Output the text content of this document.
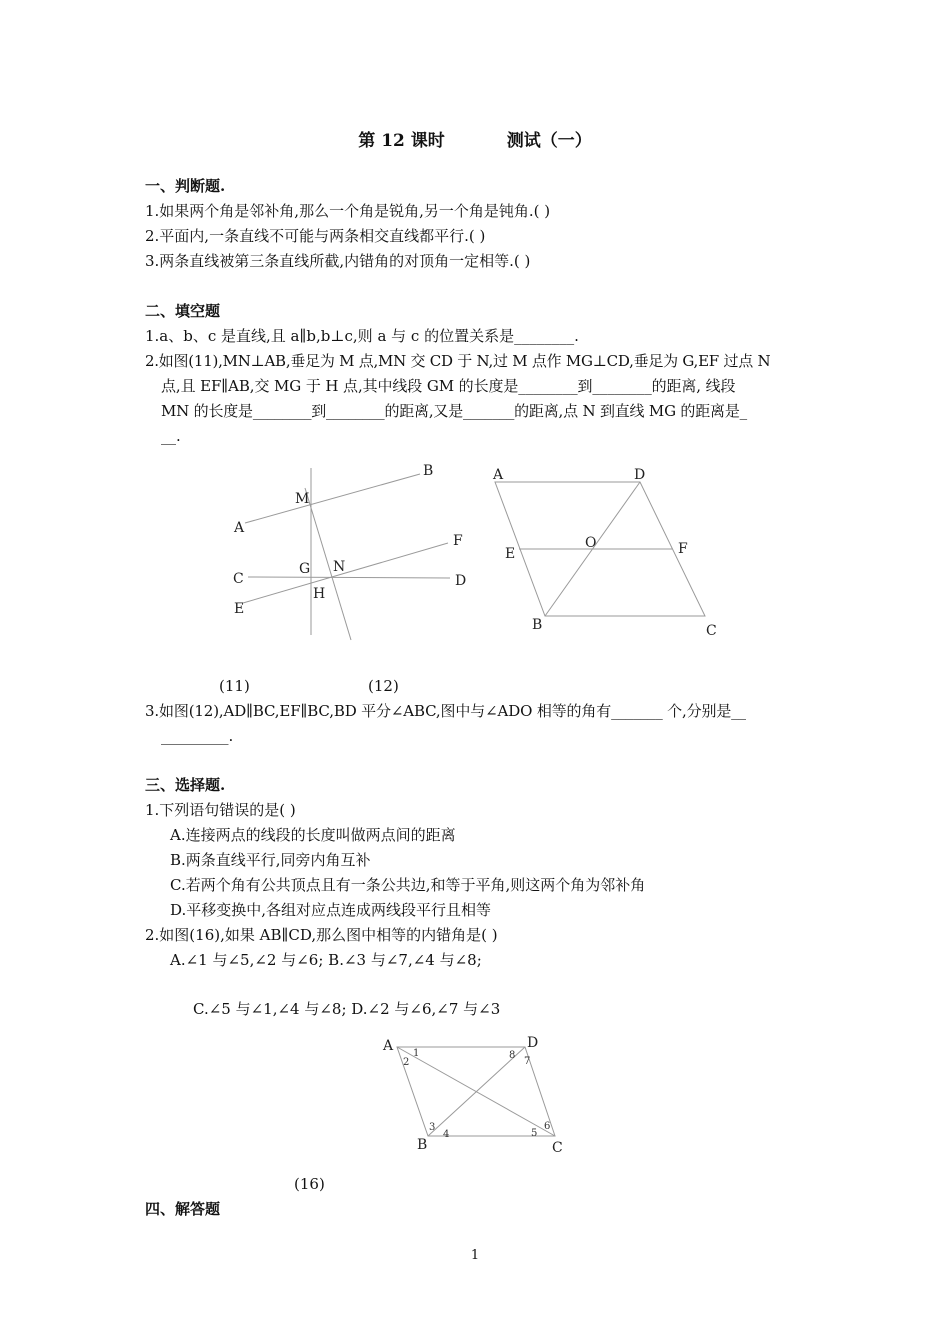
第 12 课时	测试（一）
一、判断题.
1.如果两个角是邻补角,那么一个角是锐角,另一个角是钝角.( )
2.平面内,一条直线不可能与两条相交直线都平行.( )
3.两条直线被第三条直线所截,内错角的对顶角一定相等.( )
二、填空题
1.a、b、c 是直线,且 a∥b,b⊥c,则 a 与 c 的位置关系是________.
2.如图(11),MN⊥AB,垂足为 M 点,MN 交 CD 于 N,过 M 点作 MG⊥CD,垂足为 G,EF 过点 N
点,且 EF∥AB,交 MG 于 H 点,其中线段 GM 的长度是________到________的距离, 线段
MN 的长度是________到________的距离,又是_______的距离,点 N 到直线 MG 的距离是_
__.
(11)	(12)
3.如图(12),AD∥BC,EF∥BC,BD 平分∠ABC,图中与∠ADO 相等的角有_______ 个,分别是__
_________.
三、选择题.
1.下列语句错误的是( )
A.连接两点的线段的长度叫做两点间的距离
B.两条直线平行,同旁内角互补
C.若两个角有公共顶点且有一条公共边,和等于平角,则这两个角为邻补角
D.平移变换中,各组对应点连成两线段平行且相等
2.如图(16),如果 AB∥CD,那么图中相等的内错角是( )
A.∠1 与∠5,∠2 与∠6; B.∠3 与∠7,∠4 与∠8;
C.∠5 与∠1,∠4 与∠8; D.∠2 与∠6,∠7 与∠3
(16)
四、解答题
1
B
M
A
F
G N
C	D
H
E
A	D
E
O	F
B	C
A	D
B	C
1
2
8
7
3
4
6
5
